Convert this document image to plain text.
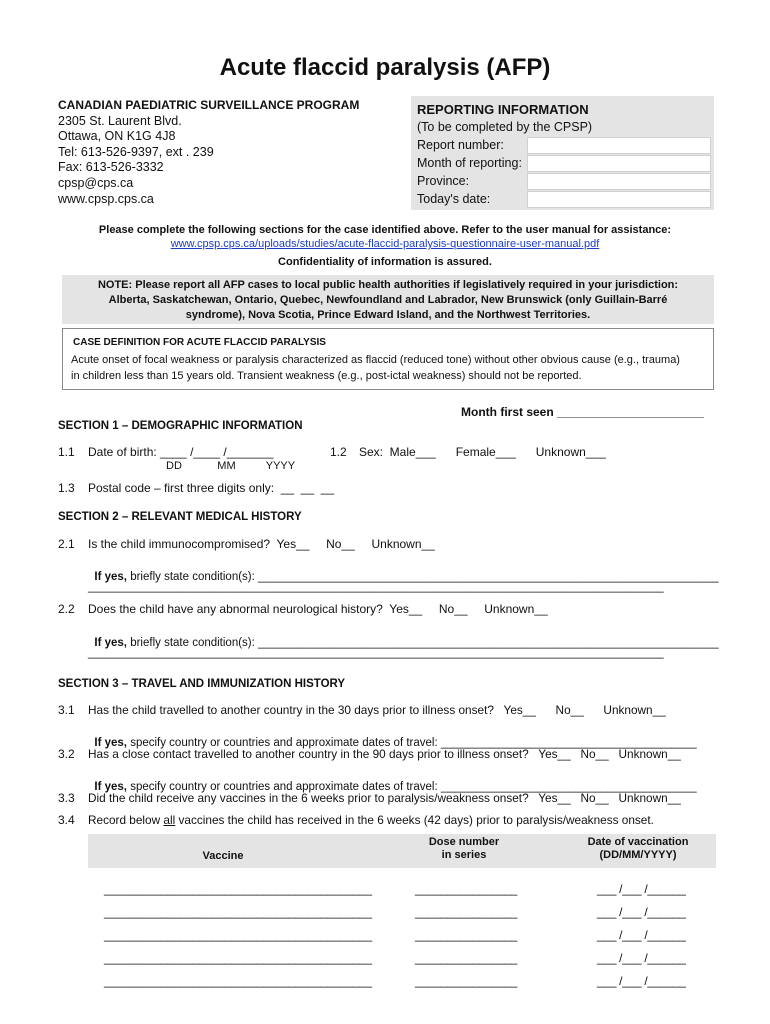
Acute flaccid paralysis (AFP)
CANADIAN PAEDIATRIC SURVEILLANCE PROGRAM
2305 St. Laurent Blvd.
Ottawa, ON K1G 4J8
Tel: 613-526-9397, ext . 239
Fax: 613-526-3332
cpsp@cps.ca
www.cpsp.cps.ca
REPORTING INFORMATION
(To be completed by the CPSP)
Report number:
Month of reporting:
Province:
Today's date:
Please complete the following sections for the case identified above. Refer to the user manual for assistance:
www.cpsp.cps.ca/uploads/studies/acute-flaccid-paralysis-questionnaire-user-manual.pdf
Confidentiality of information is assured.
NOTE: Please report all AFP cases to local public health authorities if legislatively required in your jurisdiction:
Alberta, Saskatchewan, Ontario, Quebec, Newfoundland and Labrador, New Brunswick (only Guillain-Barré
syndrome), Nova Scotia, Prince Edward Island, and the Northwest Territories.
CASE DEFINITION FOR ACUTE FLACCID PARALYSIS
Acute onset of focal weakness or paralysis characterized as flaccid (reduced tone) without other obvious cause (e.g., trauma)
in children less than 15 years old. Transient weakness (e.g., post-ictal weakness) should not be reported.
Month first seen ______________________
SECTION 1 – DEMOGRAPHIC INFORMATION
1.1 Date of birth: ____ /____ /_______
DD       MM      YYYY
1.2 Sex:  Male___      Female___      Unknown___
1.3 Postal code – first three digits only:  __  __  __
SECTION 2 – RELEVANT MEDICAL HISTORY
2.1 Is the child immunocompromised?  Yes__     No__     Unknown__

If yes, briefly state condition(s): ________________________________________________________________________

__________________________________________________________________________________________
2.2 Does the child have any abnormal neurological history?  Yes__     No__     Unknown__

If yes, briefly state condition(s): ________________________________________________________________________

__________________________________________________________________________________________
SECTION 3 – TRAVEL AND IMMUNIZATION HISTORY
3.1 Has the child travelled to another country in the 30 days prior to illness onset?   Yes__      No__      Unknown__

If yes, specify country or countries and approximate dates of travel: ________________________________________

3.2 Has a close contact travelled to another country in the 90 days prior to illness onset?   Yes__   No__   Unknown__

If yes, specify country or countries and approximate dates of travel: ________________________________________

3.3 Did the child receive any vaccines in the 6 weeks prior to paralysis/weakness onset?   Yes__   No__   Unknown__
3.4 Record below all vaccines the child has received in the 6 weeks (42 days) prior to paralysis/weakness onset.
Vaccine
Dose number
in series
Date of vaccination
(DD/MM/YYYY)
__________________________________________	________________	___ /___ /______
__________________________________________	________________	___ /___ /______
__________________________________________	________________	___ /___ /______
__________________________________________	________________	___ /___ /______
__________________________________________	________________	___ /___ /______
